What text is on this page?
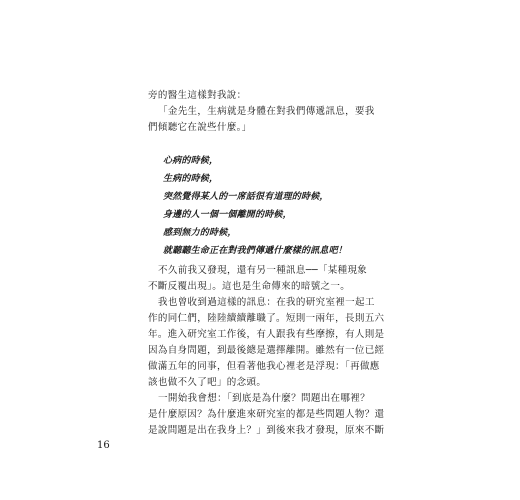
旁的醫生這樣對我說：
「金先生，生病就是身體在對我們傳遞訊息，要我
們傾聽它在說些什麼。」
心病的時候，
生病的時候，
突然覺得某人的一席話很有道理的時候，
身邊的人一個一個離開的時候，
感到無力的時候，
就聽聽生命正在對我們傳遞什麼樣的訊息吧！
不久前我又發現，還有另一種訊息──「某種現象
不斷反覆出現」。這也是生命傳來的暗號之一。
我也曾收到過這樣的訊息：在我的研究室裡一起工
作的同仁們，陸陸續續離職了。短則一兩年，長則五六
年。進入研究室工作後，有人跟我有些摩擦，有人則是
因為自身問題，到最後總是選擇離開。雖然有一位已經
做滿五年的同事，但看著他我心裡老是浮現：「再做應
該也做不久了吧」的念頭。
一開始我會想：「到底是為什麼？問題出在哪裡？
是什麼原因？為什麼進來研究室的都是些問題人物？還
是說問題是出在我身上？」到後來我才發現，原來不斷
16
